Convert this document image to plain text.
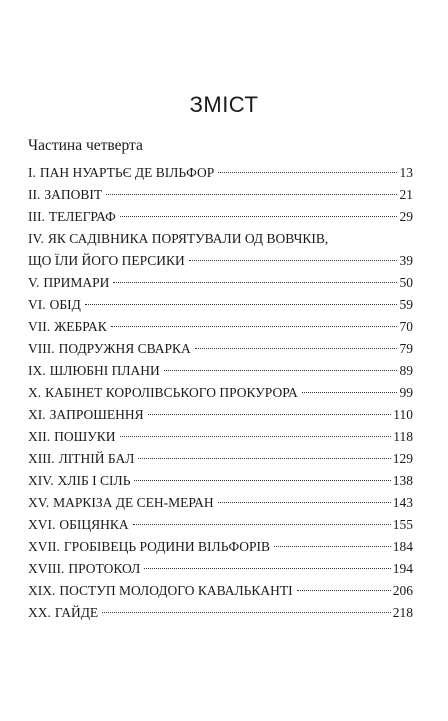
ЗМІСТ
Частина четверта
I. ПАН НУАРТЬЄ ДЕ ВІЛЬФОР	13
II. ЗАПОВІТ	21
III. ТЕЛЕГРАФ	29
IV. ЯК САДІВНИКА ПОРЯТУВАЛИ ОД ВОВЧКІВ,
ЩО ЇЛИ ЙОГО ПЕРСИКИ	39
V. ПРИМАРИ	50
VI. ОБІД	59
VII. ЖЕБРАК	70
VIII. ПОДРУЖНЯ СВАРКА	79
IX. ШЛЮБНІ ПЛАНИ	89
X. КАБІНЕТ КОРОЛІВСЬКОГО ПРОКУРОРА	99
XI. ЗАПРОШЕННЯ	110
XII. ПОШУКИ	118
XIII. ЛІТНІЙ БАЛ	129
XIV. ХЛІБ І СІЛЬ	138
XV. МАРКІЗА ДЕ СЕН-МЕРАН	143
XVI. ОБІЦЯНКА	155
XVII. ГРОБІВЕЦЬ РОДИНИ ВІЛЬФОРІВ	184
XVIII. ПРОТОКОЛ	194
XIX. ПОСТУП МОЛОДОГО КАВАЛЬКАНТІ	206
XX. ГАЙДЕ	218
